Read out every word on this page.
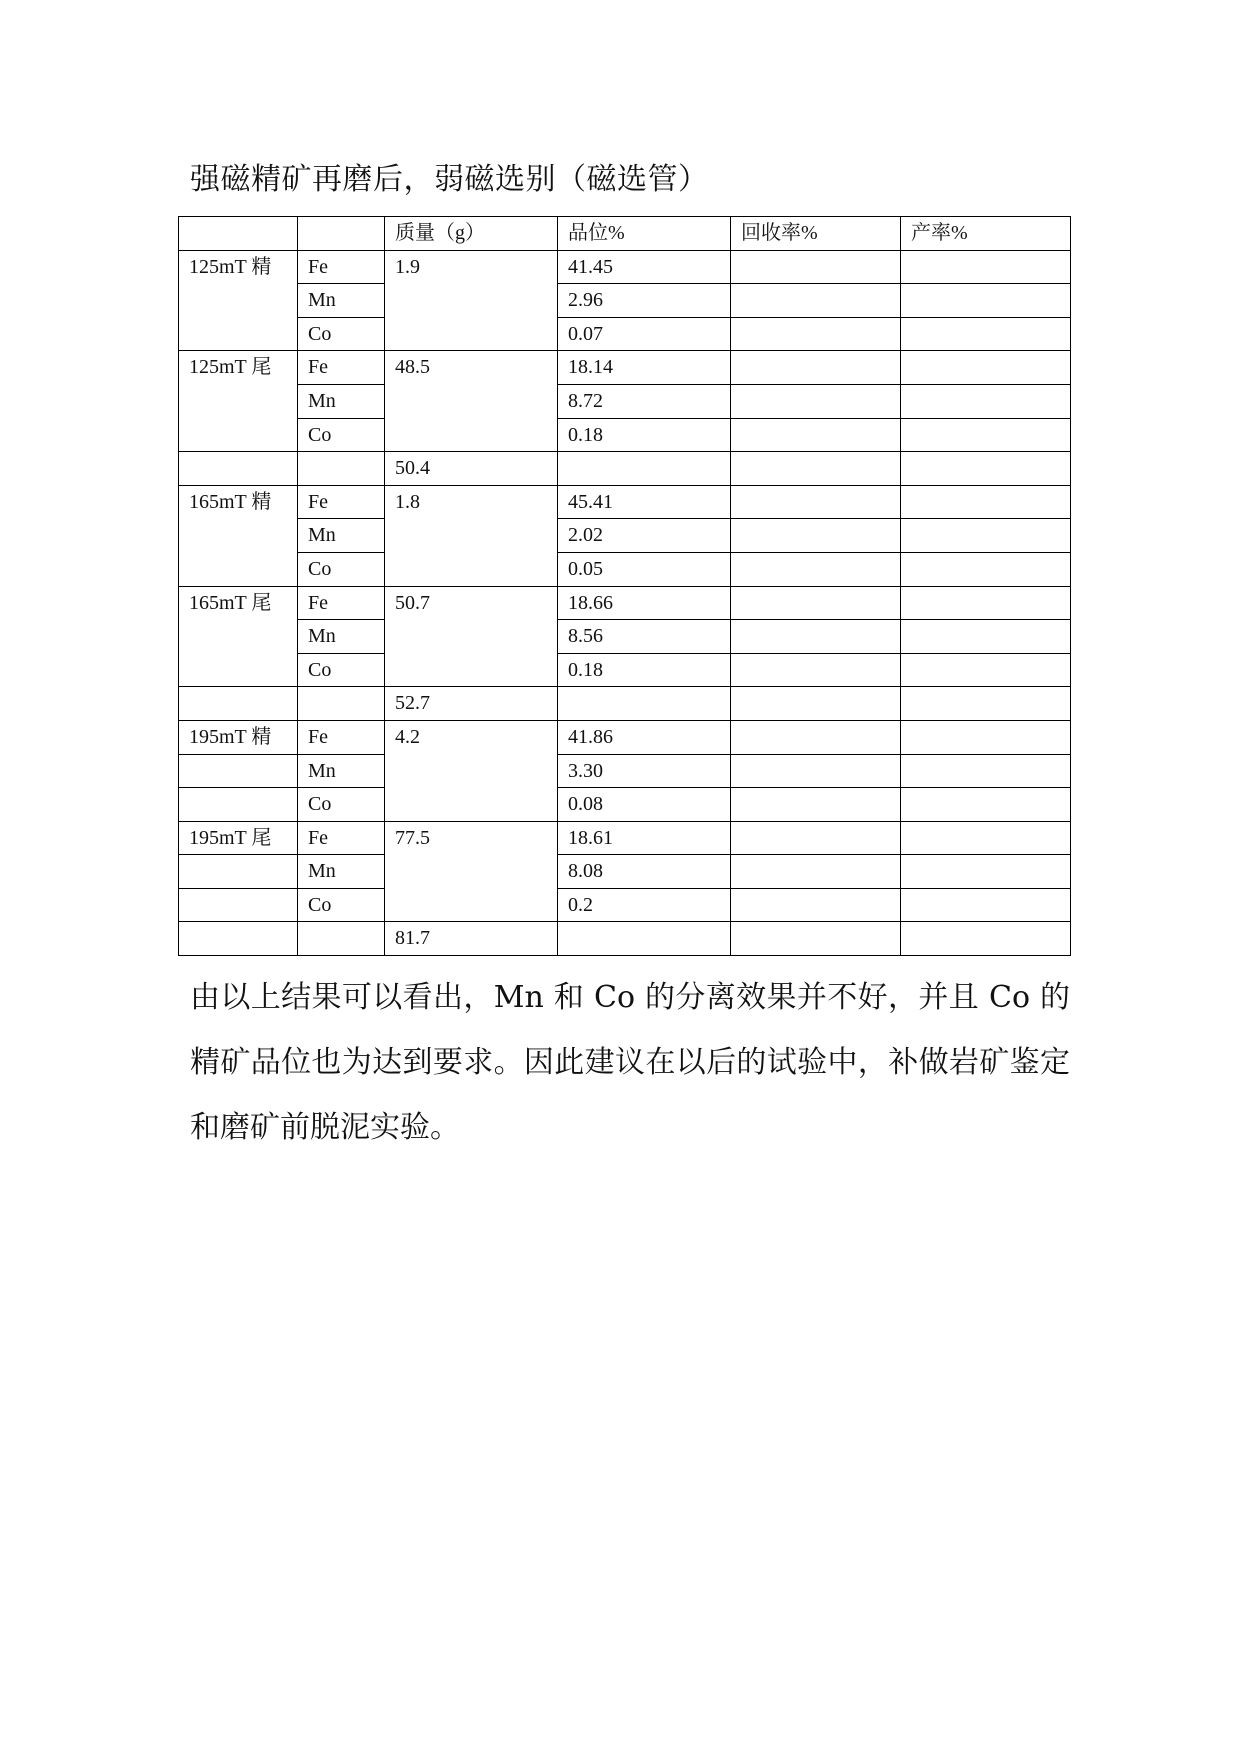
强磁精矿再磨后，弱磁选别（磁选管）
		质量（g）	品位%	回收率%	产率%
125mT 精	Fe	1.9	41.45		
	Mn		2.96		
	Co		0.07		
125mT 尾	Fe	48.5	18.14		
	Mn		8.72		
	Co		0.18		
		50.4			
165mT 精	Fe	1.8	45.41		
	Mn		2.02		
	Co		0.05		
165mT 尾	Fe	50.7	18.66		
	Mn		8.56		
	Co		0.18		
		52.7			
195mT 精	Fe	4.2	41.86		
	Mn		3.30		
	Co		0.08		
195mT 尾	Fe	77.5	18.61		
	Mn		8.08		
	Co		0.2		
		81.7			
由以上结果可以看出，Mn 和 Co 的分离效果并不好，并且 Co 的精矿品位也为达到要求。因此建议在以后的试验中，补做岩矿鉴定和磨矿前脱泥实验。
